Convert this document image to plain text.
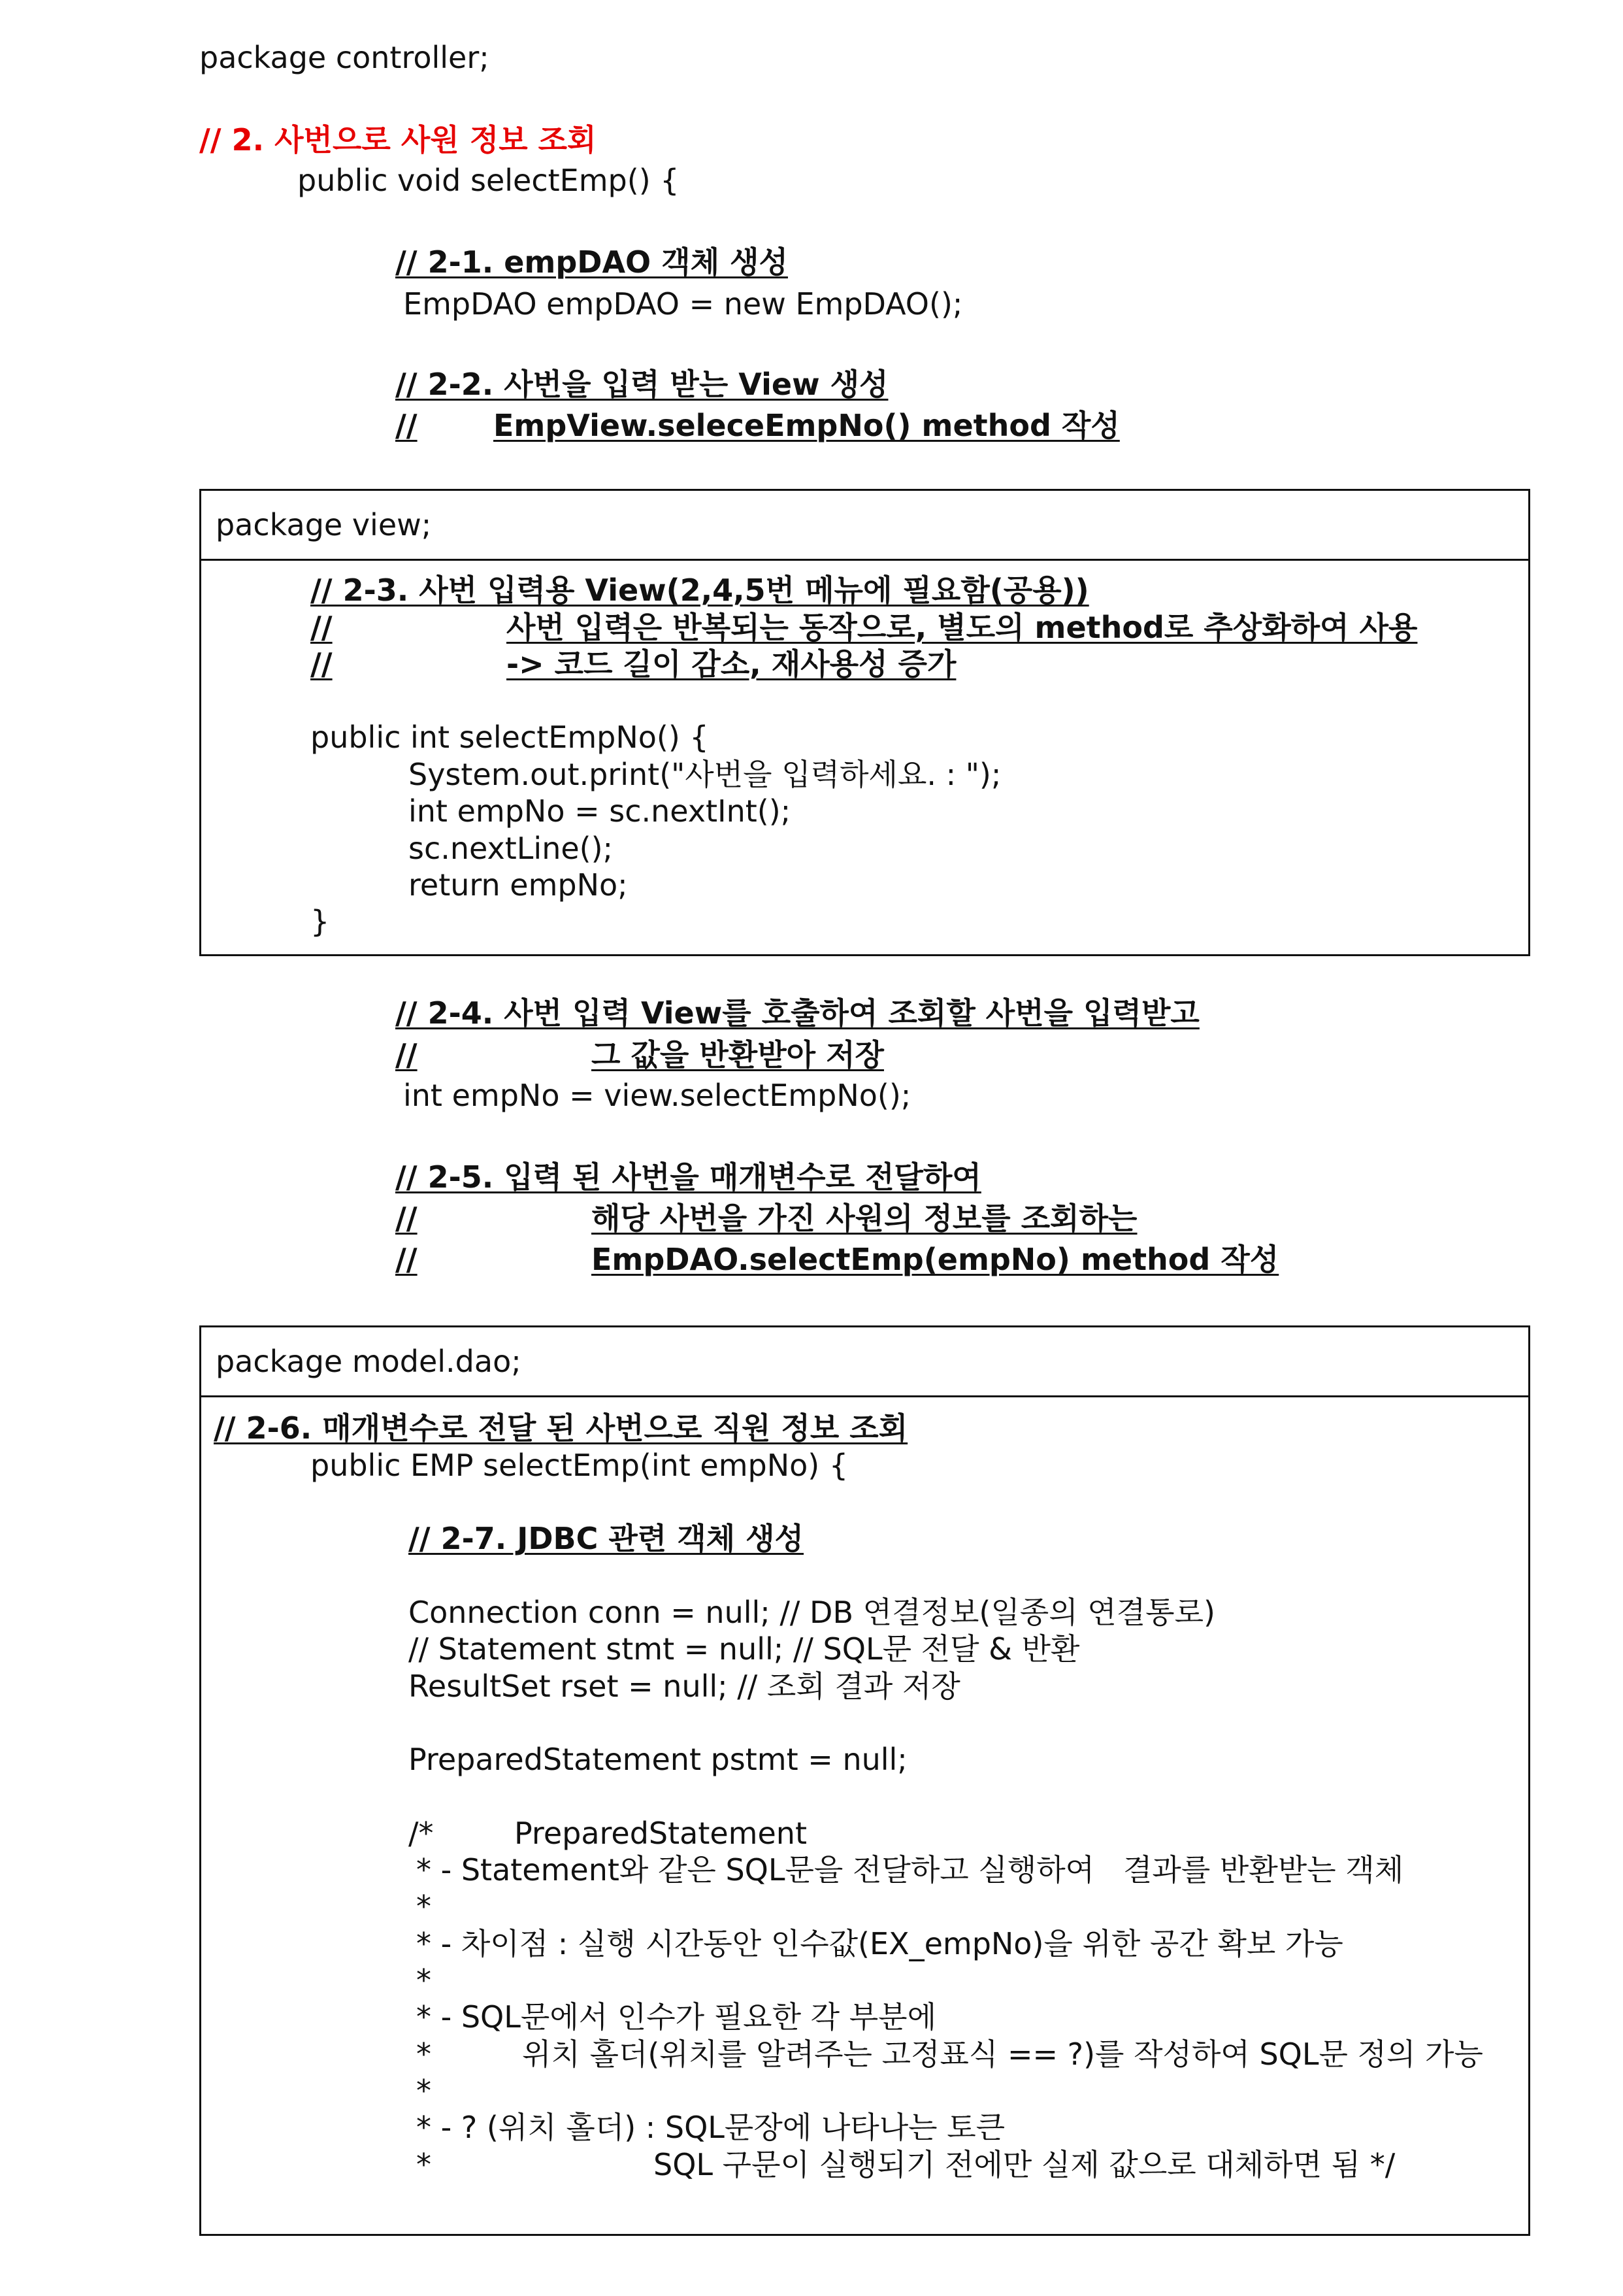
package controller;

// 2. 사번으로 사원 정보 조회

public void selectEmp() {

// 2-1. empDAO 객체 생성

EmpDAO empDAO = new EmpDAO();

// 2-2. 사번을 입력 받는 View 생성

//	EmpView.seleceEmpNo() method 작성

package view;

// 2-3. 사번 입력용 View(2,4,5번 메뉴에 필요함(공용))

//	사번 입력은 반복되는 동작으로, 별도의 method로 추상화하여 사용

//	-> 코드 길이 감소, 재사용성 증가

public int selectEmpNo() {

System.out.print("사번을 입력하세요. : ");

int empNo = sc.nextInt();

sc.nextLine();

return empNo;

}

// 2-4. 사번 입력 View를 호출하여 조회할 사번을 입력받고

//	그 값을 반환받아 저장

int empNo = view.selectEmpNo();

// 2-5. 입력 된 사번을 매개변수로 전달하여

//	해당 사번을 가진 사원의 정보를 조회하는

//	EmpDAO.selectEmp(empNo) method 작성

package model.dao;

// 2-6. 매개변수로 전달 된 사번으로 직원 정보 조회

public EMP selectEmp(int empNo) {

// 2-7. JDBC 관련 객체 생성

Connection conn = null; // DB 연결정보(일종의 연결통로)

// Statement stmt = null; // SQL문 전달 & 반환

ResultSet rset = null; // 조회 결과 저장

PreparedStatement pstmt = null;

/*	PreparedStatement

* - Statement와 같은 SQL문을 전달하고 실행하여   결과를 반환받는 객체

*

* - 차이점 : 실행 시간동안 인수값(EX_empNo)을 위한 공간 확보 가능

*

* - SQL문에서 인수가 필요한 각 부분에

*	위치 홀더(위치를 알려주는 고정표식 == ?)를 작성하여 SQL문 정의 가능

*

* - ? (위치 홀더) : SQL문장에 나타나는 토큰

*	SQL 구문이 실행되기 전에만 실제 값으로 대체하면 됨 */
